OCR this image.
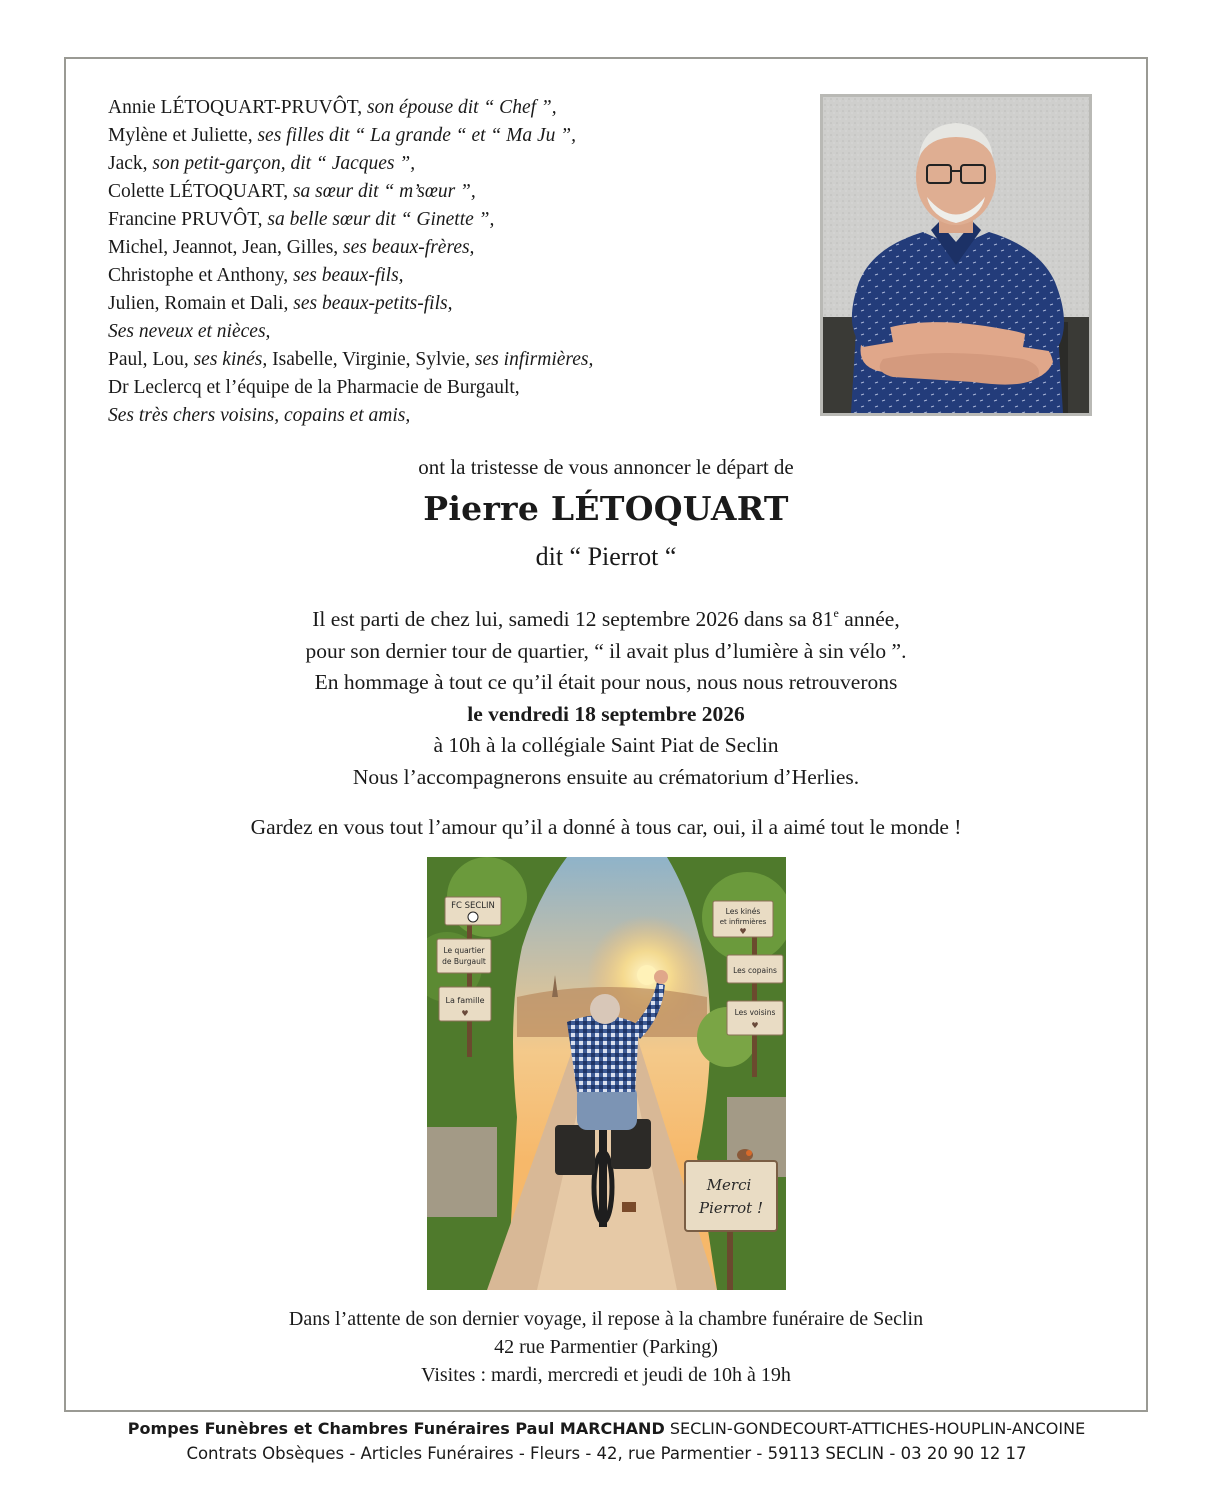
Annie LÉTOQUART-PRUVÔT, son épouse dit “ Chef ”,
Mylène et Juliette, ses filles dit “ La grande “ et “ Ma Ju ”,
Jack, son petit-garçon, dit “ Jacques ”,
Colette LÉTOQUART, sa sœur dit “ m’sœur ”,
Francine PRUVÔT, sa belle sœur dit “ Ginette ”,
Michel, Jeannot, Jean, Gilles, ses beaux-frères,
Christophe et Anthony, ses beaux-fils,
Julien, Romain et Dali, ses beaux-petits-fils,
Ses neveux et nièces,
Paul, Lou, ses kinés, Isabelle, Virginie, Sylvie, ses infirmières,
Dr Leclercq et l’équipe de la Pharmacie de Burgault,
Ses très chers voisins, copains et amis,
ont la tristesse de vous annoncer le départ de
Pierre LÉTOQUART
dit “ Pierrot “
Il est parti de chez lui, samedi 12 septembre 2026 dans sa 81e année,
pour son dernier tour de quartier, “ il avait plus d’lumière à sin vélo ”.
En hommage à tout ce qu’il était pour nous, nous nous retrouverons
le vendredi 18 septembre 2026
à 10h à la collégiale Saint Piat de Seclin
Nous l’accompagnerons ensuite au crématorium d’Herlies.
Gardez en vous tout l’amour qu’il a donné à tous car, oui, il a aimé tout le monde !
FC SECLIN
Le quartier
de Burgault
La famille
♥
Les kinés
et infirmières
♥
Les copains
Les voisins
♥
Merci
Pierrot !
Dans l’attente de son dernier voyage, il repose à la chambre funéraire de Seclin
42 rue Parmentier (Parking)
Visites : mardi, mercredi et jeudi de 10h à 19h
Pompes Funèbres et Chambres Funéraires Paul MARCHAND SECLIN-GONDECOURT-ATTICHES-HOUPLIN-ANCOINE
Contrats Obsèques - Articles Funéraires - Fleurs - 42, rue Parmentier - 59113 SECLIN - 03 20 90 12 17
